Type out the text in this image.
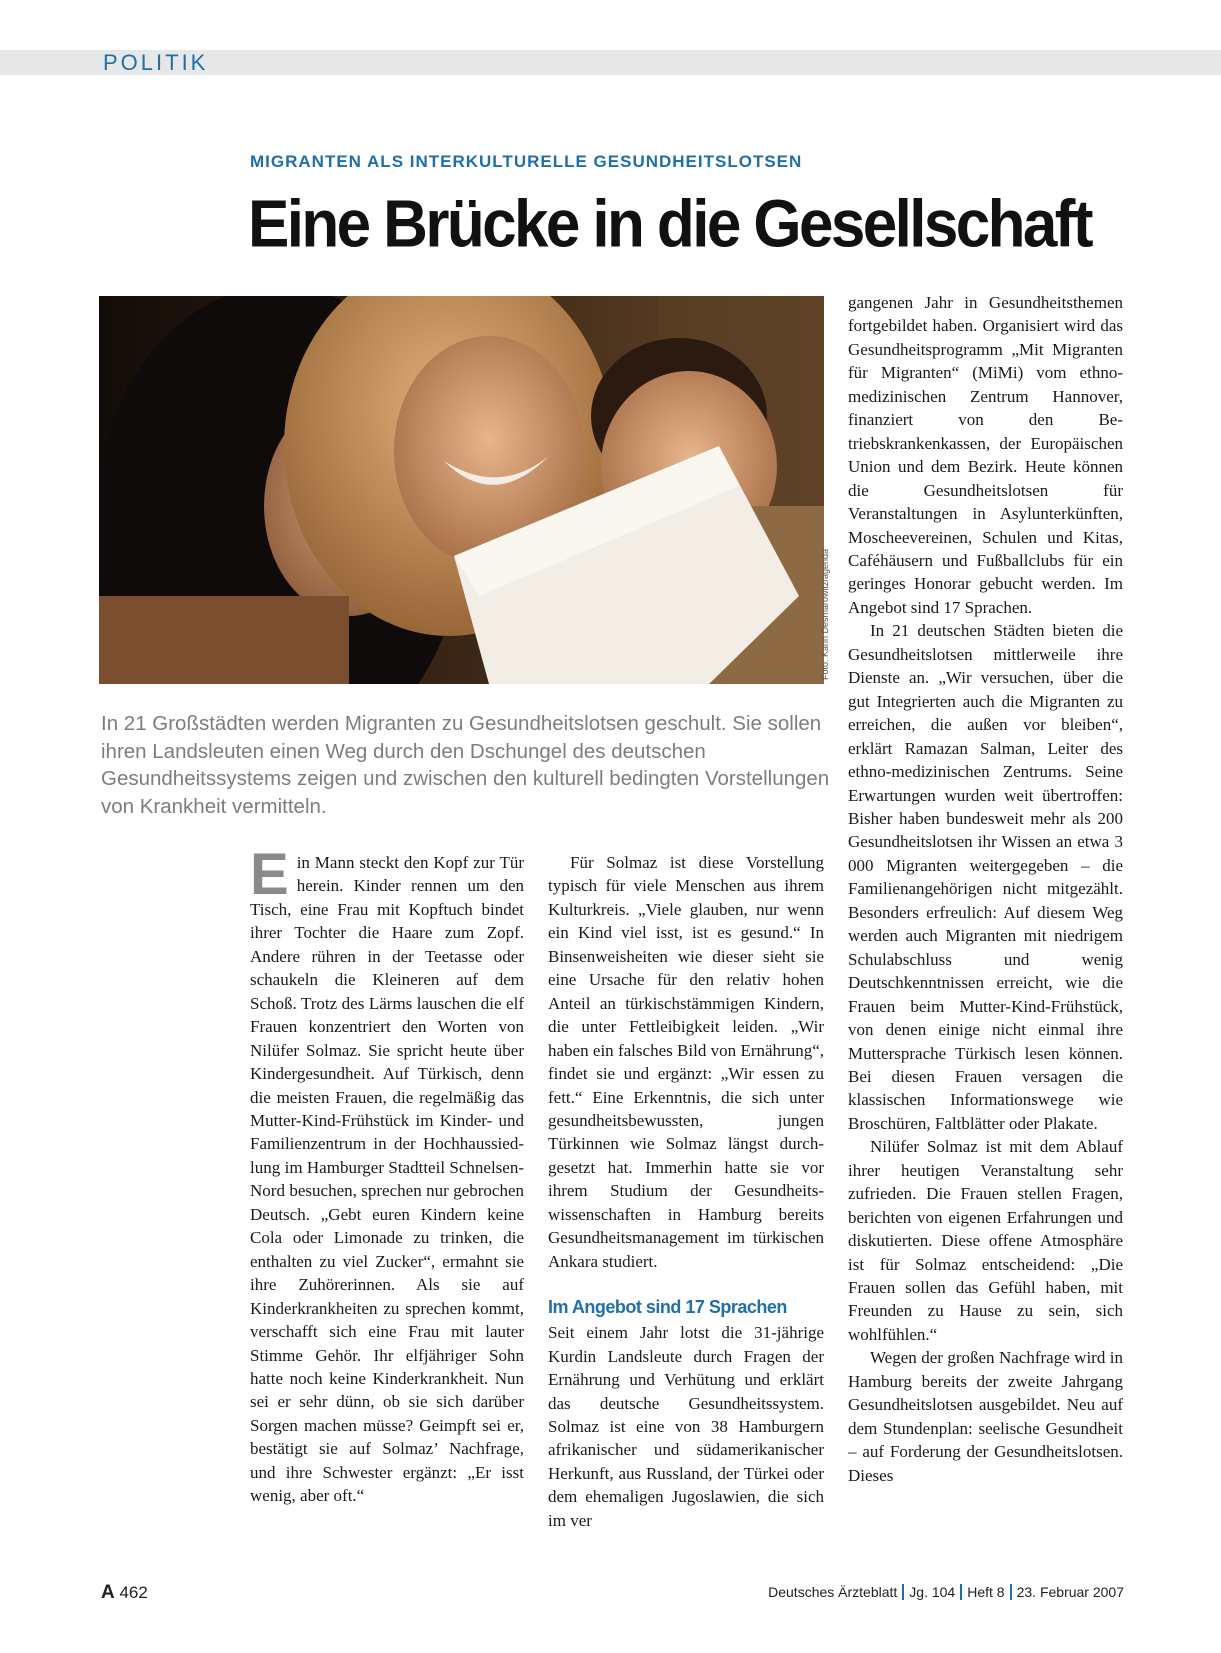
POLITIK
MIGRANTEN ALS INTERKULTURELLE GESUNDHEITSLOTSEN
Eine Brücke in die Gesellschaft
Foto: Karin Desmarowitz/agenda
In 21 Großstädten werden Migranten zu Gesundheitslotsen geschult. Sie sollen ihren Landsleuten einen Weg durch den Dschungel des deutschen Gesundheitssystems zeigen und zwischen den kulturell bedingten Vorstellungen von Krankheit vermitteln.

Ein Mann steckt den Kopf zur Tür herein. Kinder rennen um den Tisch, eine Frau mit Kopftuch bindet ihrer Tochter die Haare zum Zopf. Andere rühren in der Teetasse oder schaukeln die Kleineren auf dem Schoß. Trotz des Lärms lauschen die elf Frauen konzentriert den Worten von Nilüfer Solmaz. Sie spricht heute über Kindergesundheit. Auf Türkisch, denn die meisten Frauen, die regelmäßig das Mutter-Kind-Frühstück im Kinder- und Familienzentrum in der Hochhaussiedlung im Hamburger Stadtteil Schnelsen-Nord besuchen, sprechen nur gebrochen Deutsch. „Gebt euren Kindern keine Cola oder Limonade zu trinken, die enthalten zu viel Zucker“, ermahnt sie ihre Zuhörerinnen. Als sie auf Kinderkrankheiten zu sprechen kommt, verschafft sich eine Frau mit lauter Stimme Gehör. Ihr elfjähriger Sohn hatte noch keine Kinderkrankheit. Nun sei er sehr dünn, ob sie sich darüber Sorgen machen müsse? Geimpft sei er, bestätigt sie auf Solmaz’ Nachfrage, und ihre Schwester ergänzt: „Er isst wenig, aber oft.“

Für Solmaz ist diese Vorstellung typisch für viele Menschen aus ihrem Kulturkreis. „Viele glauben, nur wenn ein Kind viel isst, ist es gesund.“ In Binsenweisheiten wie dieser sieht sie eine Ursache für den relativ hohen Anteil an türkischstämmigen Kindern, die unter Fettleibigkeit leiden. „Wir haben ein falsches Bild von Ernährung“, findet sie und ergänzt: „Wir essen zu fett.“ Eine Erkenntnis, die sich unter gesundheitsbewussten, jungen Türkinnen wie Solmaz längst durchgesetzt hat. Immerhin hatte sie vor ihrem Studium der Gesundheitswissenschaften in Hamburg bereits Gesundheitsmanagement im türkischen Ankara studiert.

Im Angebot sind 17 Sprachen

Seit einem Jahr lotst die 31-jährige Kurdin Landsleute durch Fragen der Ernährung und Verhütung und erklärt das deutsche Gesundheitssystem. Solmaz ist eine von 38 Hamburgern afrikanischer und südamerikanischer Herkunft, aus Russland, der Türkei oder dem ehemaligen Jugoslawien, die sich im ver

gangenen Jahr in Gesundheitsthemen fortgebildet haben. Organisiert wird das Gesundheitsprogramm „Mit Migranten für Migranten“ (MiMi) vom ethno-medizinischen Zentrum Hannover, finanziert von den Betriebskrankenkassen, der Europäischen Union und dem Bezirk. Heute können die Gesundheitslotsen für Veranstaltungen in Asylunterkünften, Moscheevereinen, Schulen und Kitas, Caféhäusern und Fußballclubs für ein geringes Honorar gebucht werden. Im Angebot sind 17 Sprachen.

In 21 deutschen Städten bieten die Gesundheitslotsen mittlerweile ihre Dienste an. „Wir versuchen, über die gut Integrierten auch die Migranten zu erreichen, die außen vor bleiben“, erklärt Ramazan Salman, Leiter des ethno-medizinischen Zentrums. Seine Erwartungen wurden weit übertroffen: Bisher haben bundesweit mehr als 200 Gesundheitslotsen ihr Wissen an etwa 3 000 Migranten weitergegeben – die Familienangehörigen nicht mitgezählt. Besonders erfreulich: Auf diesem Weg werden auch Migranten mit niedrigem Schulabschluss und wenig Deutschkenntnissen erreicht, wie die Frauen beim Mutter-Kind-Frühstück, von denen einige nicht einmal ihre Muttersprache Türkisch lesen können. Bei diesen Frauen versagen die klassischen Informationswege wie Broschüren, Faltblätter oder Plakate.

Nilüfer Solmaz ist mit dem Ablauf ihrer heutigen Veranstaltung sehr zufrieden. Die Frauen stellen Fragen, berichten von eigenen Erfahrungen und diskutierten. Diese offene Atmosphäre ist für Solmaz entscheidend: „Die Frauen sollen das Gefühl haben, mit Freunden zu Hause zu sein, sich wohlfühlen.“

Wegen der großen Nachfrage wird in Hamburg bereits der zweite Jahrgang Gesundheitslotsen ausgebildet. Neu auf dem Stundenplan: seelische Gesundheit – auf Forderung der Gesundheitslotsen. Dieses

A 462	Deutsches Ärzteblatt Jg. 104 Heft 8 23. Februar 2007
